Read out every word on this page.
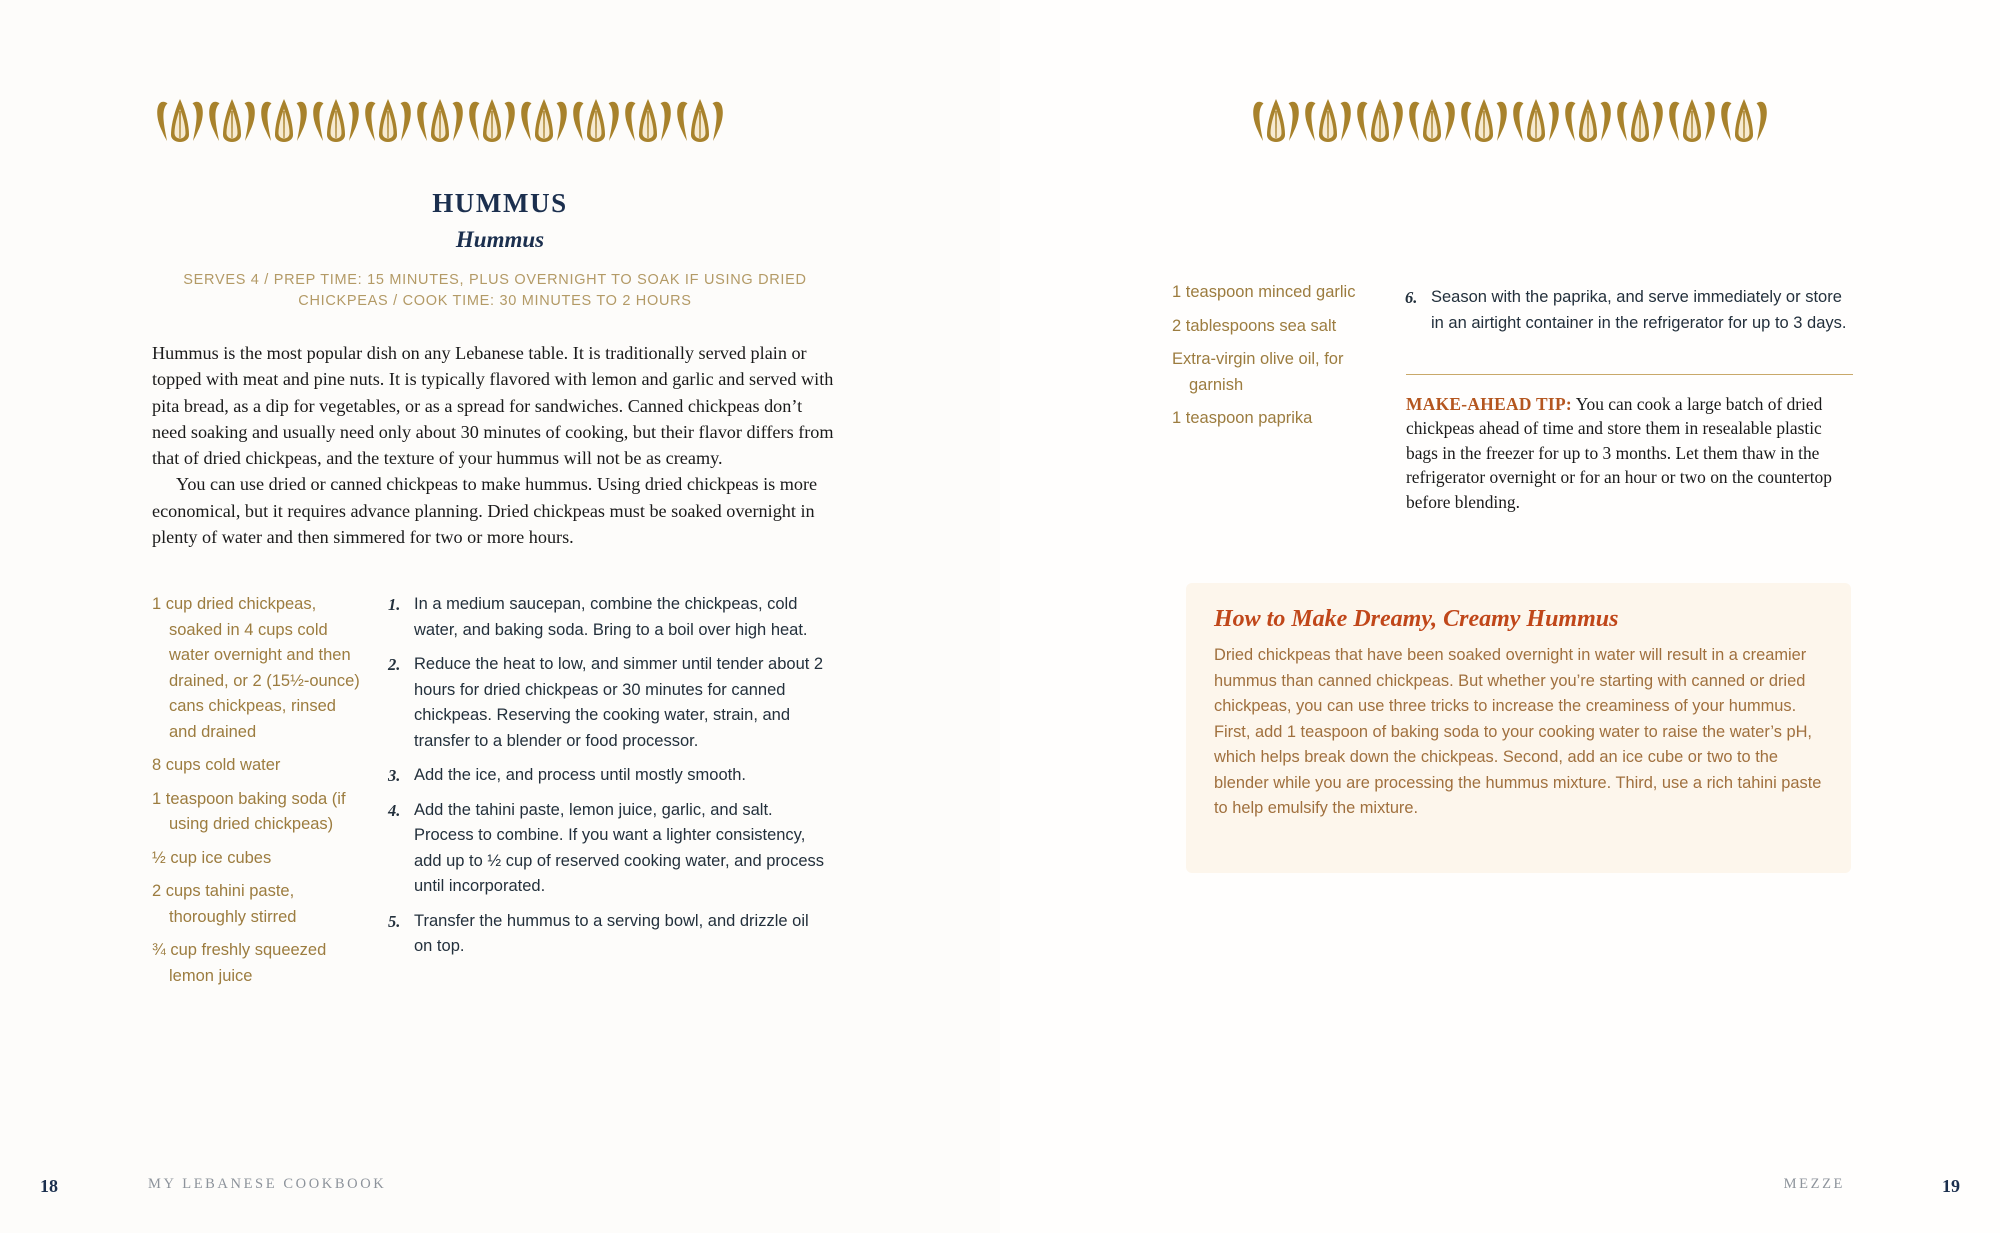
HUMMUS
Hummus
SERVES 4 / PREP TIME: 15 MINUTES, PLUS OVERNIGHT TO SOAK IF USING DRIED CHICKPEAS / COOK TIME: 30 MINUTES TO 2 HOURS

Hummus is the most popular dish on any Lebanese table. It is traditionally served plain or topped with meat and pine nuts. It is typically flavored with lemon and garlic and served with pita bread, as a dip for vegetables, or as a spread for sandwiches. Canned chickpeas don’t need soaking and usually need only about 30 minutes of cooking, but their flavor differs from that of dried chickpeas, and the texture of your hummus will not be as creamy.

You can use dried or canned chickpeas to make hummus. Using dried chickpeas is more economical, but it requires advance planning. Dried chickpeas must be soaked overnight in plenty of water and then simmered for two or more hours.

1 cup dried chickpeas, soaked in 4 cups cold water overnight and then drained, or 2 (15½-ounce) cans chickpeas, rinsed and drained
8 cups cold water
1 teaspoon baking soda (if using dried chickpeas)
½ cup ice cubes
2 cups tahini paste, thoroughly stirred
¾ cup freshly squeezed lemon juice
1. In a medium saucepan, combine the chickpeas, cold water, and baking soda. Bring to a boil over high heat.
2. Reduce the heat to low, and simmer until tender about 2 hours for dried chickpeas or 30 minutes for canned chickpeas. Reserving the cooking water, strain, and transfer to a blender or food processor.
3. Add the ice, and process until mostly smooth.
4. Add the tahini paste, lemon juice, garlic, and salt. Process to combine. If you want a lighter consistency, add up to ½ cup of reserved cooking water, and process until incorporated.
5. Transfer the hummus to a serving bowl, and drizzle oil on top.
18	MY LEBANESE COOKBOOK	19
MEZZE
1 teaspoon minced garlic
2 tablespoons sea salt
Extra-virgin olive oil, for garnish
1 teaspoon paprika
6. Season with the paprika, and serve immediately or store in an airtight container in the refrigerator for up to 3 days.
MAKE-AHEAD TIP: You can cook a large batch of dried chickpeas ahead of time and store them in resealable plastic bags in the freezer for up to 3 months. Let them thaw in the refrigerator overnight or for an hour or two on the countertop before blending.
How to Make Dreamy, Creamy Hummus
Dried chickpeas that have been soaked overnight in water will result in a creamier hummus than canned chickpeas. But whether you’re starting with canned or dried chickpeas, you can use three tricks to increase the creaminess of your hummus. First, add 1 teaspoon of baking soda to your cooking water to raise the water’s pH, which helps break down the chickpeas. Second, add an ice cube or two to the blender while you are processing the hummus mixture. Third, use a rich tahini paste to help emulsify the mixture.
